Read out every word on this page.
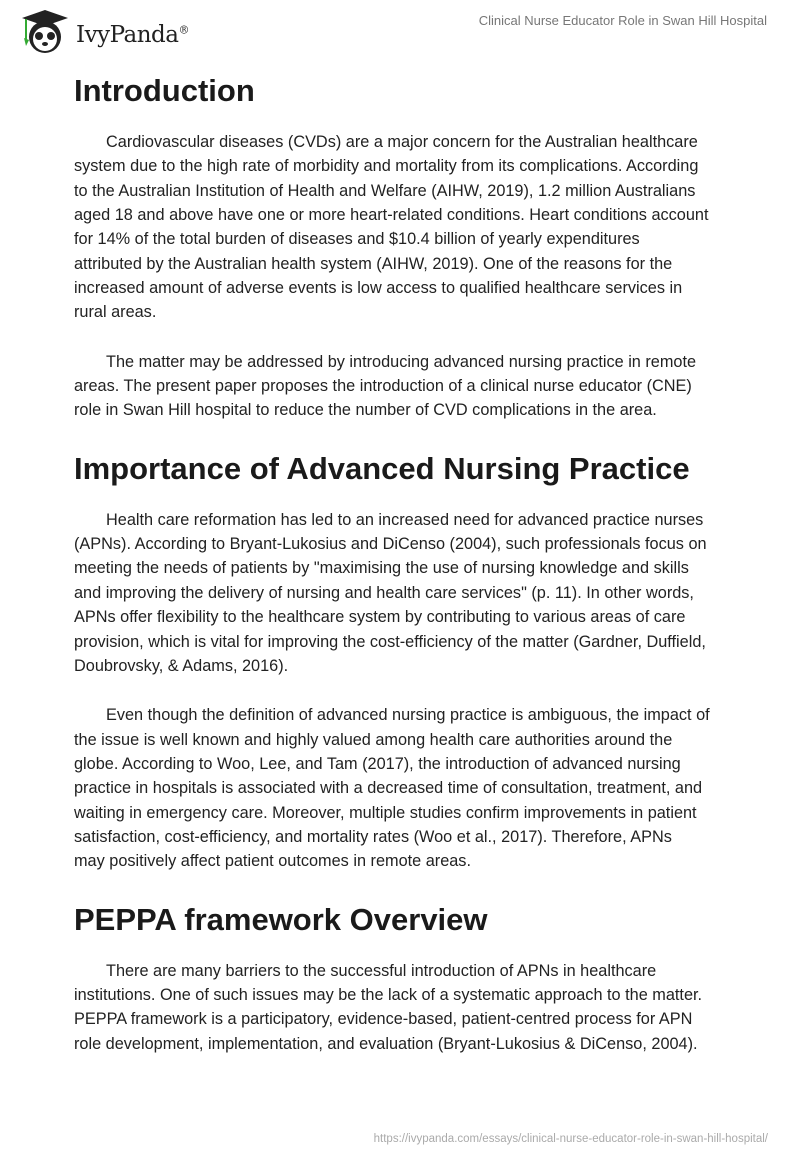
IvyPanda®
Clinical Nurse Educator Role in Swan Hill Hospital
Introduction

Cardiovascular diseases (CVDs) are a major concern for the Australian healthcare
system due to the high rate of morbidity and mortality from its complications. According
to the Australian Institution of Health and Welfare (AIHW, 2019), 1.2 million Australians
aged 18 and above have one or more heart-related conditions. Heart conditions account
for 14% of the total burden of diseases and $10.4 billion of yearly expenditures
attributed by the Australian health system (AIHW, 2019). One of the reasons for the
increased amount of adverse events is low access to qualified healthcare services in
rural areas.

The matter may be addressed by introducing advanced nursing practice in remote
areas. The present paper proposes the introduction of a clinical nurse educator (CNE)
role in Swan Hill hospital to reduce the number of CVD complications in the area.

Importance of Advanced Nursing Practice

Health care reformation has led to an increased need for advanced practice nurses
(APNs). According to Bryant-Lukosius and DiCenso (2004), such professionals focus on
meeting the needs of patients by "maximising the use of nursing knowledge and skills
and improving the delivery of nursing and health care services" (p. 11). In other words,
APNs offer flexibility to the healthcare system by contributing to various areas of care
provision, which is vital for improving the cost-efficiency of the matter (Gardner, Duffield,
Doubrovsky, & Adams, 2016).

Even though the definition of advanced nursing practice is ambiguous, the impact of
the issue is well known and highly valued among health care authorities around the
globe. According to Woo, Lee, and Tam (2017), the introduction of advanced nursing
practice in hospitals is associated with a decreased time of consultation, treatment, and
waiting in emergency care. Moreover, multiple studies confirm improvements in patient
satisfaction, cost-efficiency, and mortality rates (Woo et al., 2017). Therefore, APNs
may positively affect patient outcomes in remote areas.

PEPPA framework Overview

There are many barriers to the successful introduction of APNs in healthcare
institutions. One of such issues may be the lack of a systematic approach to the matter.
PEPPA framework is a participatory, evidence-based, patient-centred process for APN
role development, implementation, and evaluation (Bryant-Lukosius & DiCenso, 2004).

https://ivypanda.com/essays/clinical-nurse-educator-role-in-swan-hill-hospital/
